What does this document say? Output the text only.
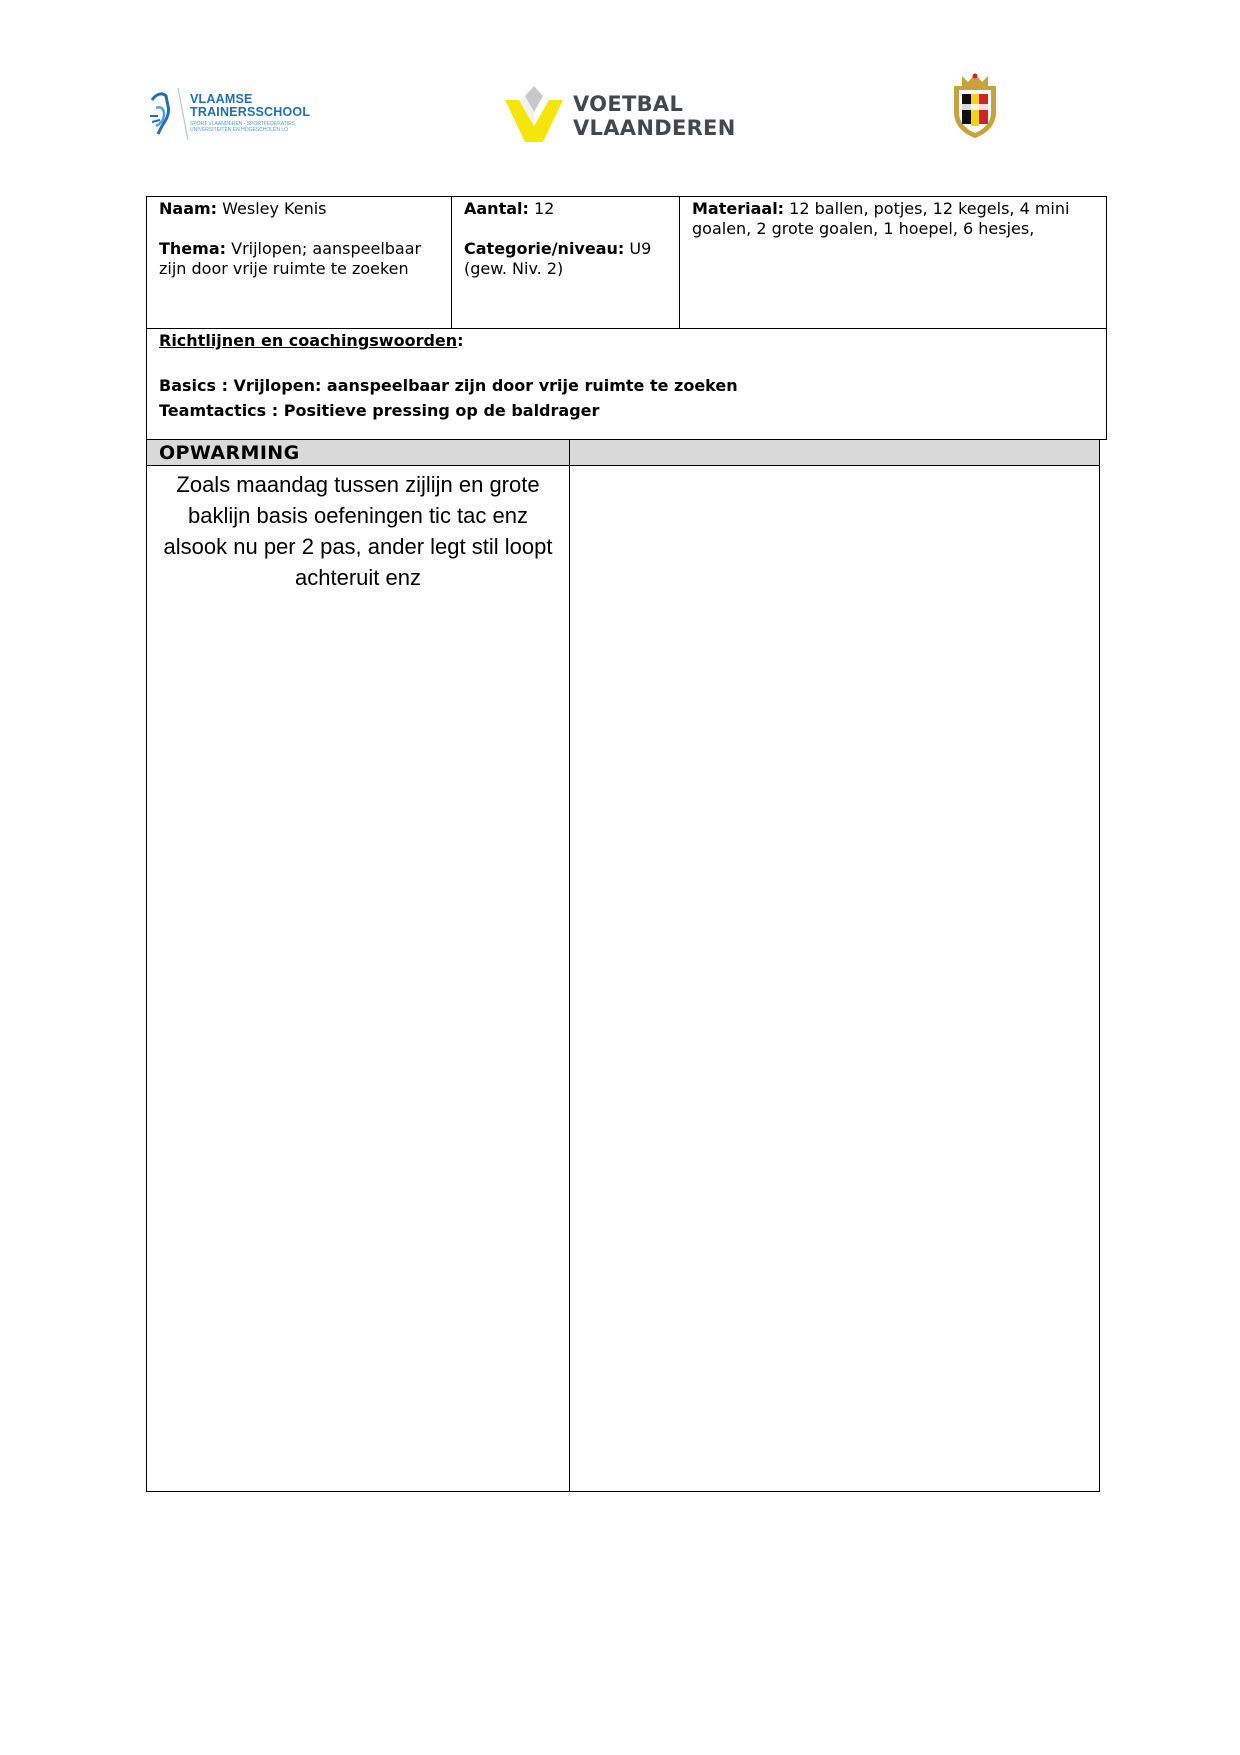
VLAAMSE
TRAINERSSCHOOL
SPORT VLAANDEREN - SPORTFEDERATIES
UNIVERSITEITEN EN HOGESCHOLEN LO
VOETBAL
VLAANDEREN
Naam: Wesley Kenis
Thema: Vrijlopen; aanspeelbaar zijn door vrije ruimte te zoeken
Aantal: 12
Categorie/niveau: U9 (gew. Niv. 2)
Materiaal: 12 ballen, potjes, 12 kegels, 4 mini goalen, 2 grote goalen, 1 hoepel, 6 hesjes,
Richtlijnen en coachingswoorden:
Basics : Vrijlopen: aanspeelbaar zijn door vrije ruimte te zoeken
Teamtactics : Positieve pressing op de baldrager
OPWARMING
Zoals maandag tussen zijlijn en grote baklijn basis oefeningen tic tac enz alsook nu per 2 pas, ander legt stil loopt achteruit enz
